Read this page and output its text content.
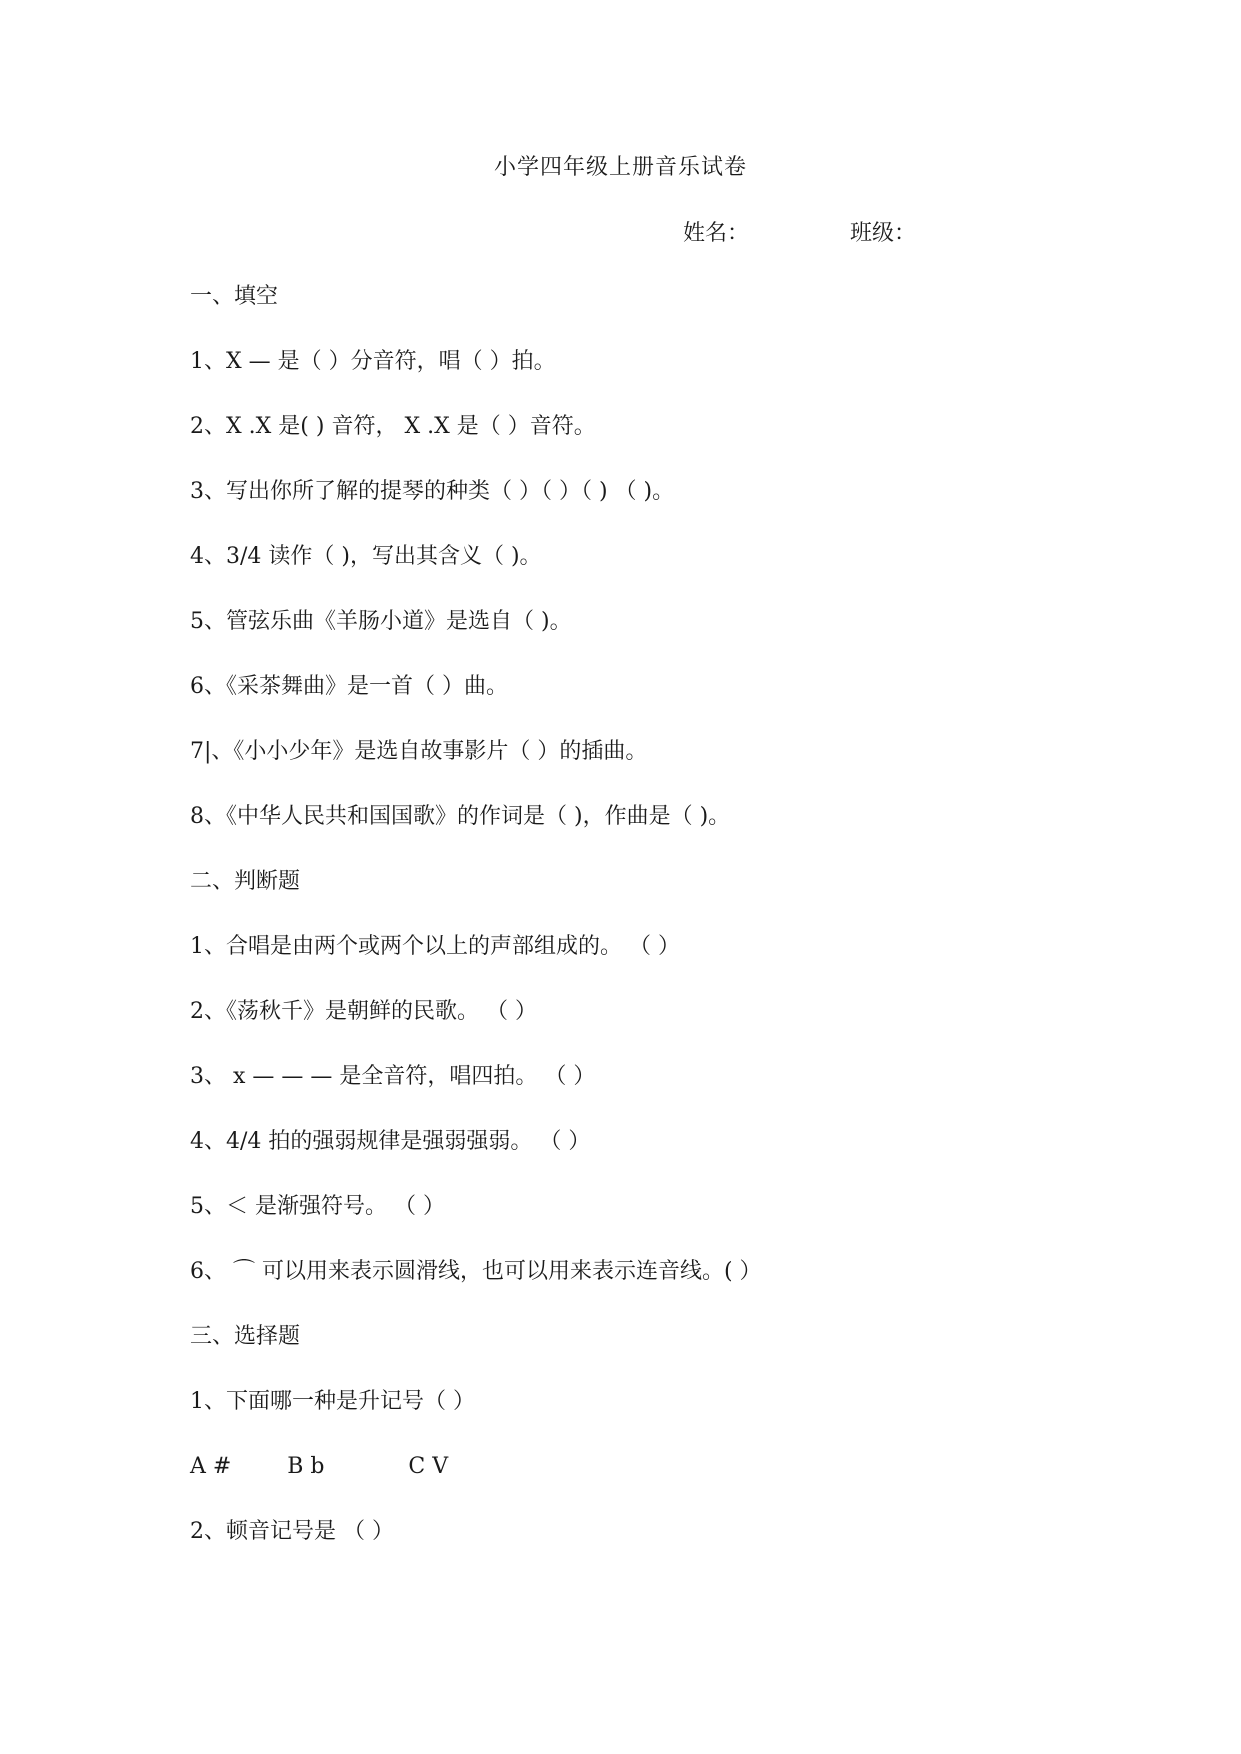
小学四年级上册音乐试卷
姓名：	班级：
一、填空
1、X — 是（ ）分音符，唱（ ）拍。
2、X .X 是( ) 音符， X .X 是（ ）音符。
3、写出你所了解的提琴的种类（ ）（ ）（ ) （ )。
4、3/4 读作（ )，写出其含义（ )。
5、管弦乐曲《羊肠小道》是选自（ )。
6、《采茶舞曲》是一首（ ）曲。
7|、《小小少年》是选自故事影片（ ）的插曲。
8、《中华人民共和国国歌》的作词是（ )，作曲是（ )。
二、判断题
1、合唱是由两个或两个以上的声部组成的。 （ ）
2、《荡秋千》是朝鲜的民歌。 （ ）
3、 x — — — 是全音符，唱四拍。 （ ）
4、4/4 拍的强弱规律是强弱强弱。 （ ）
5、＜ 是渐强符号。 （ ）
6、 ⌒ 可以用来表示圆滑线，也可以用来表示连音线。( ）
三、选择题
1、下面哪一种是升记号（ ）
A #        B b            C V
2、顿音记号是 （ ）
